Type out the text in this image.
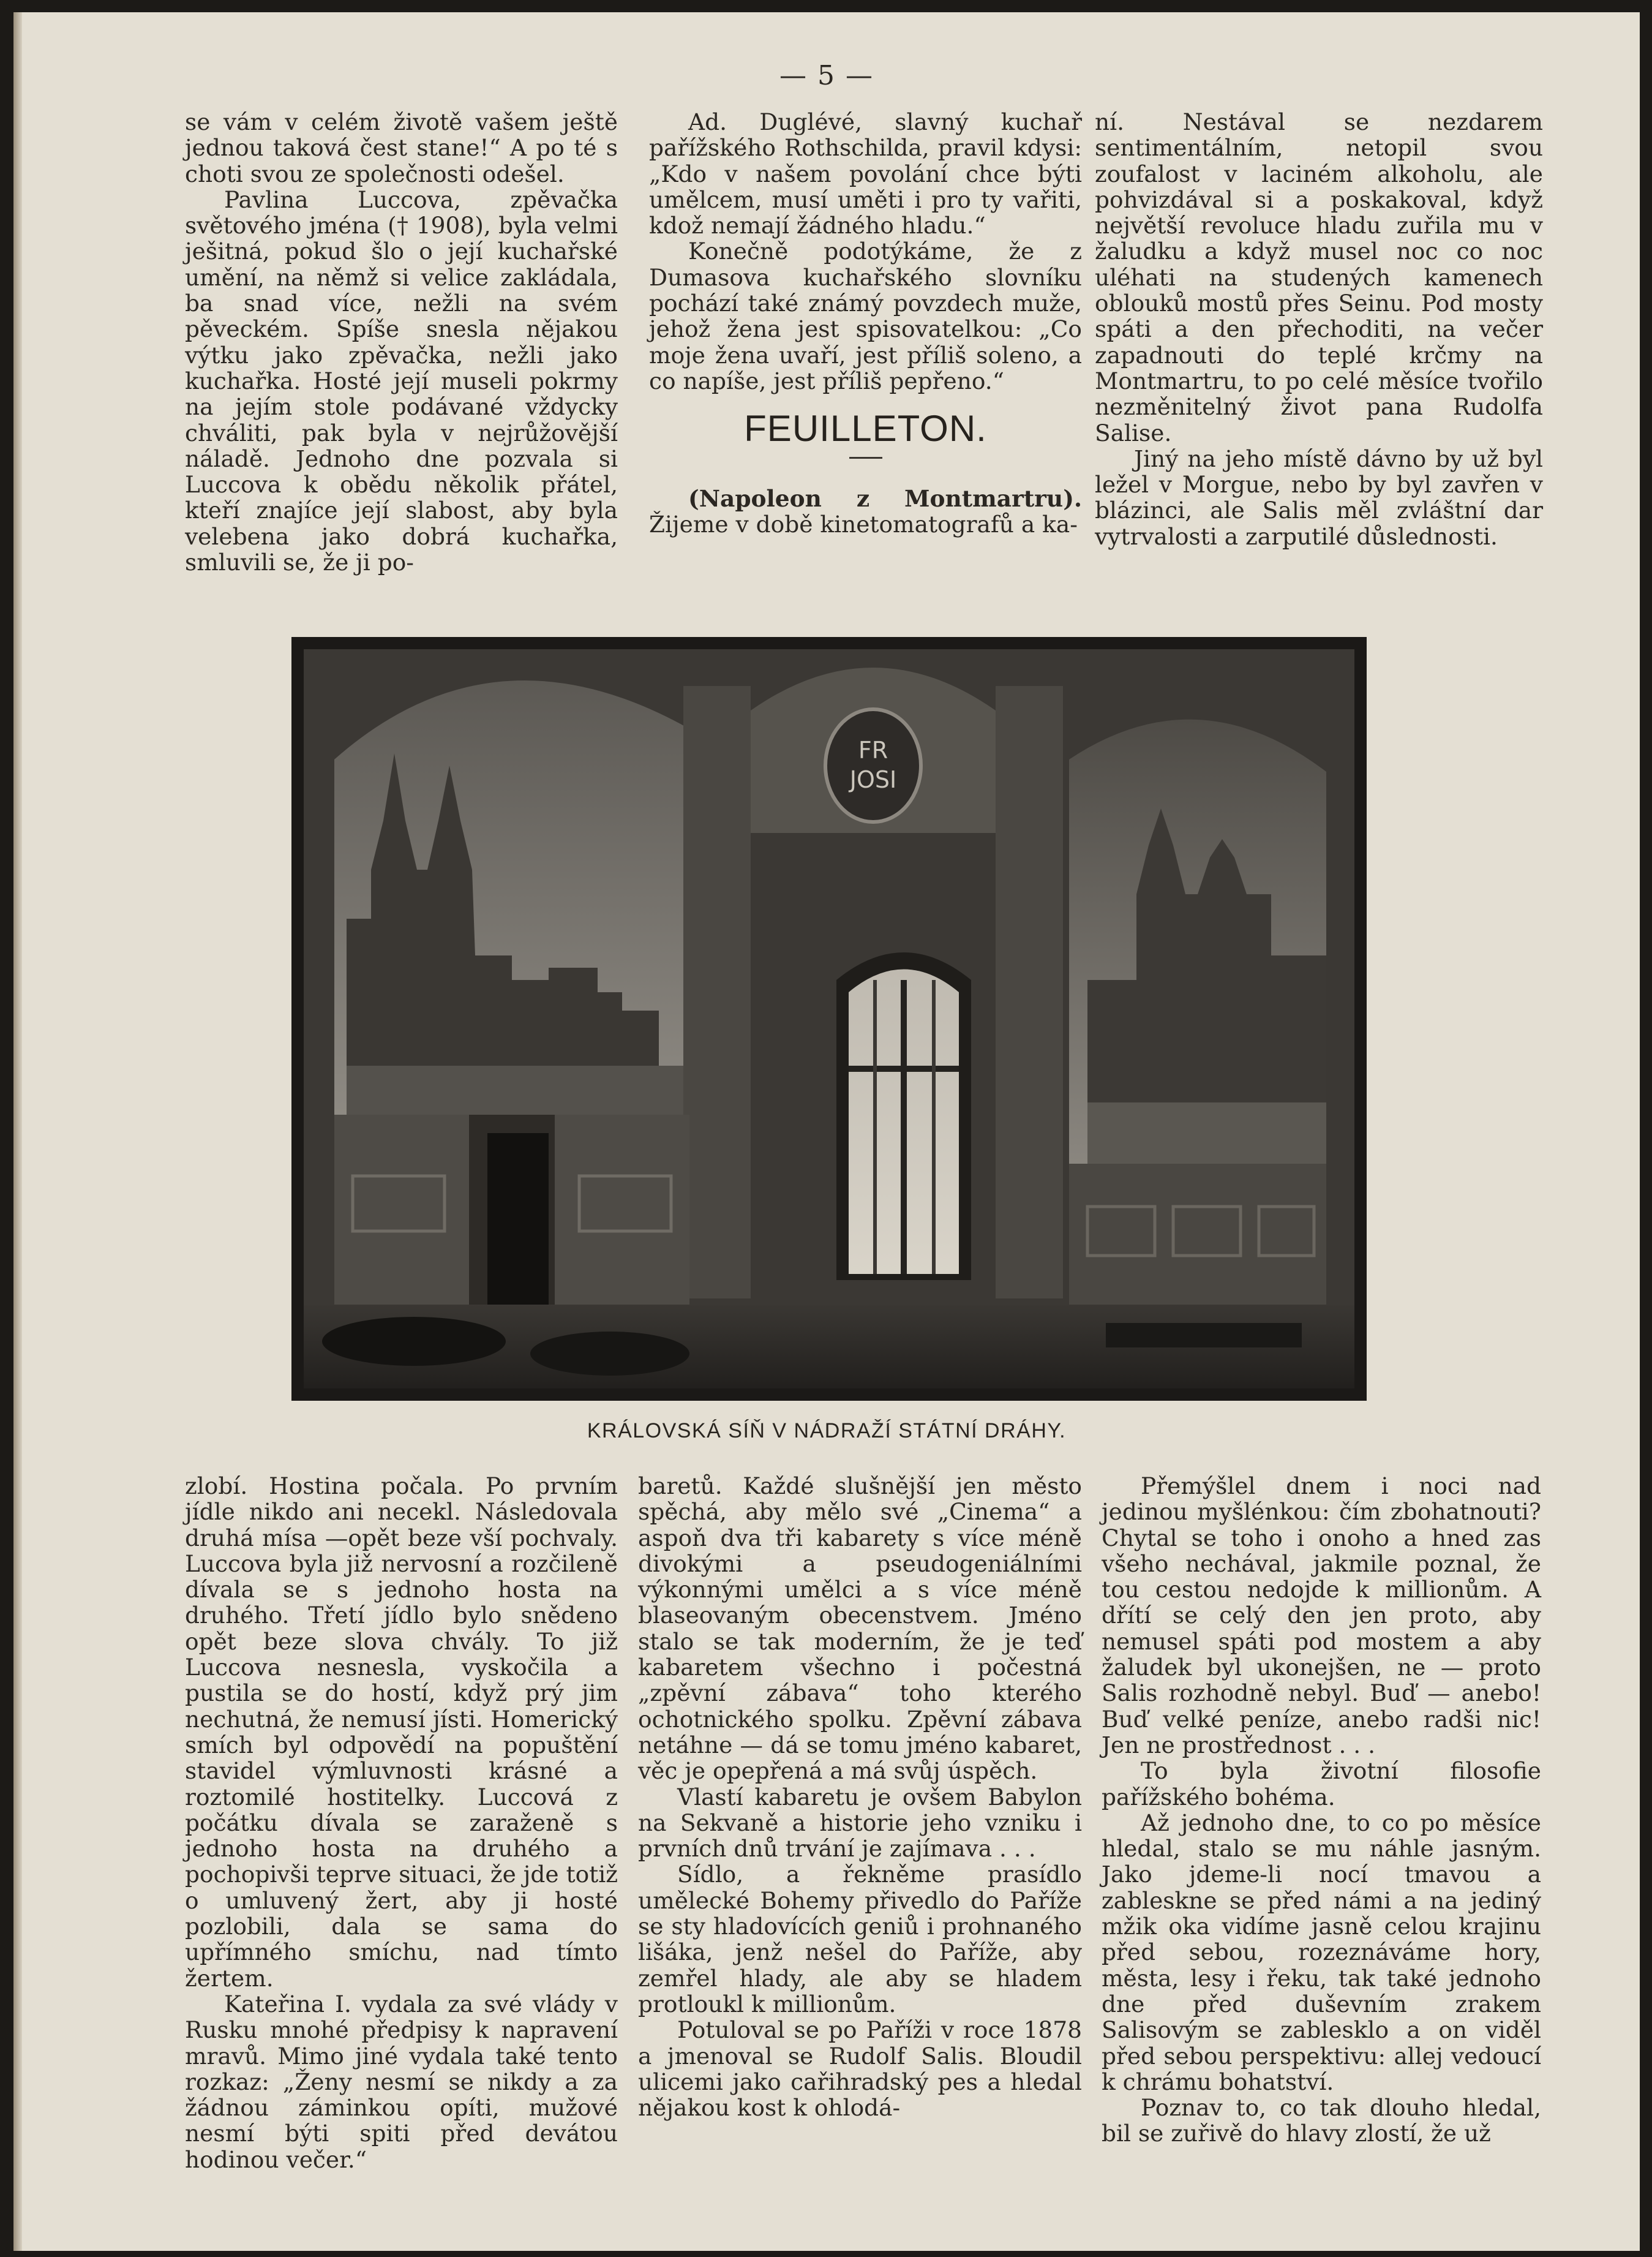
— 5 —

se vám v celém životě vašem ještě jednou taková čest stane!“ A po té s choti svou ze společnosti odešel.

Pavlina Luccova, zpěvačka světového jména († 1908), byla velmi ješitná, pokud šlo o její kuchařské umění, na němž si velice zakládala, ba snad více, nežli na svém pěveckém. Spíše snesla nějakou výtku jako zpěvačka, nežli jako kuchařka. Hosté její museli pokrmy na jejím stole podávané vždycky chváliti, pak byla v nejrůžovější náladě. Jednoho dne pozvala si Luccova k obědu několik přátel, kteří znajíce její slabost, aby byla velebena jako dobrá kuchařka, smluvili se, že ji po-

Ad. Duglévé, slavný kuchař pařížského Rothschilda, pravil kdysi: „Kdo v našem povolání chce býti umělcem, musí uměti i pro ty vařiti, kdož nemají žádného hladu.“

Konečně podotýkáme, že z Dumasova kuchařského slovníku pochází také známý povzdech muže, jehož žena jest spisovatelkou: „Co moje žena uvaří, jest příliš soleno, a co napíše, jest příliš pepřeno.“

FEUILLETON.

(Napoleon z Montmartru). Žijeme v době kinetomatografů a ka-

ní. Nestával se nezdarem sentimentálním, netopil svou zoufalost v laciném alkoholu, ale pohvizdával si a poskakoval, když největší revoluce hladu zuřila mu v žaludku a když musel noc co noc uléhati na studených kamenech oblouků mostů přes Seinu. Pod mosty spáti a den přechoditi, na večer zapadnouti do teplé krčmy na Montmartru, to po celé měsíce tvořilo nezměnitelný život pana Rudolfa Salise.

Jiný na jeho místě dávno by už byl ležel v Morgue, nebo by byl zavřen v blázinci, ale Salis měl zvláštní dar vytrvalosti a zarputilé důslednosti.

FR
JOSI
KRÁLOVSKÁ SÍŇ V NÁDRAŽÍ STÁTNÍ DRÁHY.

zlobí. Hostina počala. Po prvním jídle nikdo ani necekl. Následovala druhá mísa —opět beze vší pochvaly. Luccova byla již nervosní a rozčileně dívala se s jednoho hosta na druhého. Třetí jídlo bylo snědeno opět beze slova chvály. To již Luccova nesnesla, vyskočila a pustila se do hostí, když prý jim nechutná, že nemusí jísti. Homerický smích byl odpovědí na popuštění stavidel výmluvnosti krásné a roztomilé hostitelky. Luccová z počátku dívala se zaraženě s jednoho hosta na druhého a pochopivši teprve situaci, že jde totiž o umluvený žert, aby ji hosté pozlobili, dala se sama do upřímného smíchu, nad tímto žertem.

Kateřina I. vydala za své vlády v Rusku mnohé předpisy k napravení mravů. Mimo jiné vydala také tento rozkaz: „Ženy nesmí se nikdy a za žádnou záminkou opíti, mužové nesmí býti spiti před devátou hodinou večer.“

baretů. Každé slušnější jen město spěchá, aby mělo své „Cinema“ a aspoň dva tři kabarety s více méně divokými a pseudogeniálními výkonnými umělci a s více méně blaseovaným obecenstvem. Jméno stalo se tak moderním, že je teď kabaretem všechno i počestná „zpěvní zábava“ toho kterého ochotnického spolku. Zpěvní zábava netáhne — dá se tomu jméno kabaret, věc je opepřená a má svůj úspěch.

Vlastí kabaretu je ovšem Babylon na Sekvaně a historie jeho vzniku i prvních dnů trvání je zajímava . . .

Sídlo, a řekněme prasídlo umělecké Bohemy přivedlo do Paříže se sty hladovících geniů i prohnaného lišáka, jenž nešel do Paříže, aby zemřel hlady, ale aby se hladem protloukl k millionům.

Potuloval se po Paříži v roce 1878 a jmenoval se Rudolf Salis. Bloudil ulicemi jako cařihradský pes a hledal nějakou kost k ohlodá-

Přemýšlel dnem i noci nad jedinou myšlénkou: čím zbohatnouti? Chytal se toho i onoho a hned zas všeho nechával, jakmile poznal, že tou cestou nedojde k millionům. A dřítí se celý den jen proto, aby nemusel spáti pod mostem a aby žaludek byl ukonejšen, ne — proto Salis rozhodně nebyl. Buď — anebo! Buď velké peníze, anebo radši nic! Jen ne prostřednost . . .

To byla životní filosofie pařížského bohéma.

Až jednoho dne, to co po měsíce hledal, stalo se mu náhle jasným. Jako jdeme-li nocí tmavou a zableskne se před námi a na jediný mžik oka vidíme jasně celou krajinu před sebou, rozeznáváme hory, města, lesy i řeku, tak také jednoho dne před duševním zrakem Salisovým se zablesklo a on viděl před sebou perspektivu: allej vedoucí k chrámu bohatství.

Poznav to, co tak dlouho hledal, bil se zuřivě do hlavy zlostí, že už
